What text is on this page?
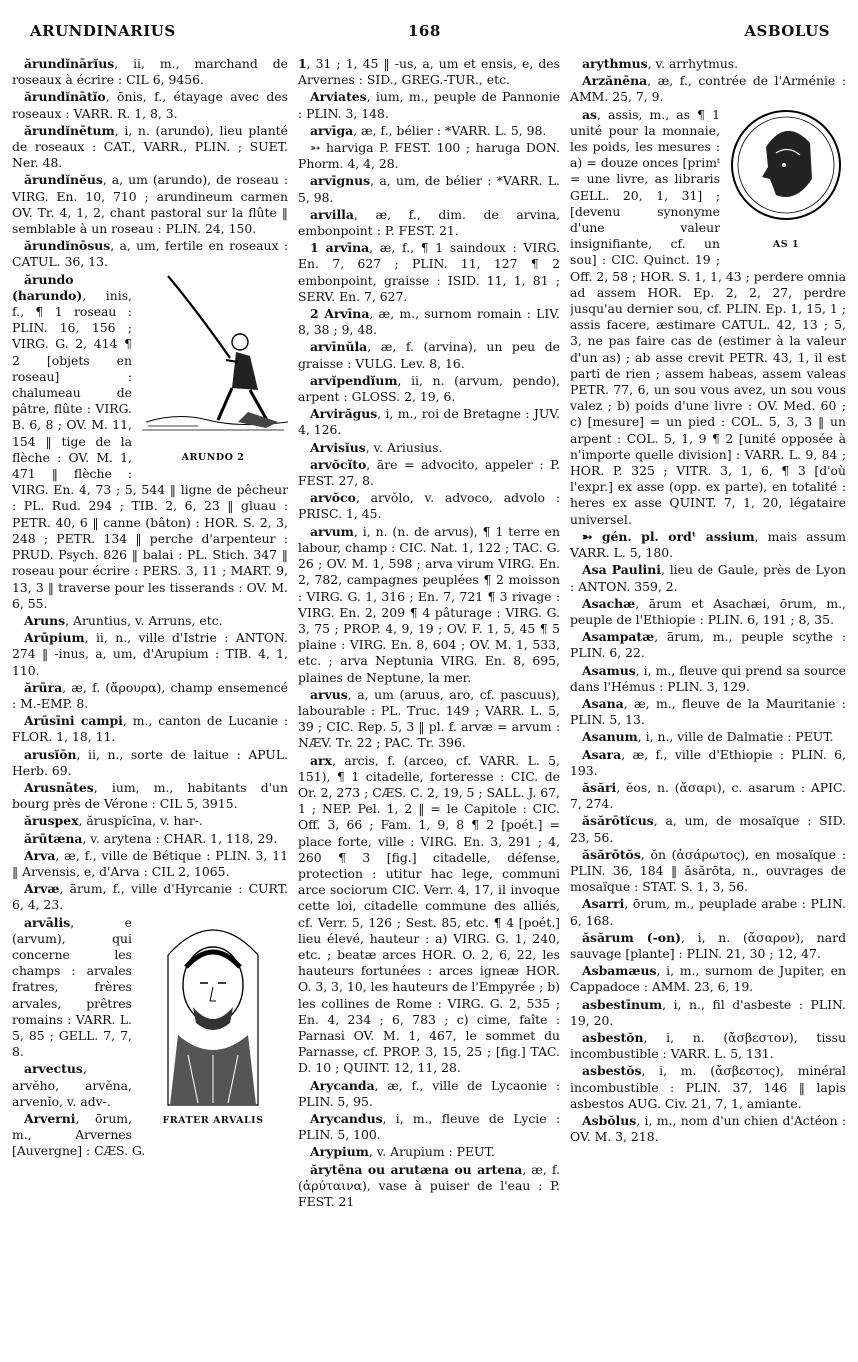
ARUNDINARIUS	168	ASBOLUS

ărundĭnārĭus, ii, m., marchand de roseaux à écrire : CIL 6, 9456.

ărundĭnātĭo, ōnis, f., étayage avec des roseaux : VARR. R. 1, 8, 3.

ărundĭnētum, i, n. (arundo), lieu planté de roseaux : CAT., VARR., PLIN. ; SUET. Ner. 48.

ărundĭnĕus, a, um (arundo), de roseau : VIRG. En. 10, 710 ; arundineum carmen OV. Tr. 4, 1, 2, chant pastoral sur la flûte ‖ semblable à un roseau : PLIN. 24, 150.

ărundĭnōsus, a, um, fertile en roseaux : CATUL. 36, 13.

ARUNDO 2

ărundo (harundo), inis, f., ¶ 1 roseau : PLIN. 16, 156 ; VIRG. G. 2, 414 ¶ 2 [objets en roseau] : chalumeau de pâtre, flûte : VIRG. B. 6, 8 ; OV. M. 11, 154 ‖ tige de la flèche : OV. M. 1, 471 ‖ flèche : VIRG. En. 4, 73 ; 5, 544 ‖ ligne de pêcheur : PL. Rud. 294 ; TIB. 2, 6, 23 ‖ gluau : PETR. 40, 6 ‖ canne (bâton) : HOR. S. 2, 3, 248 ; PETR. 134 ‖ perche d'arpenteur : PRUD. Psych. 826 ‖ balai : PL. Stich. 347 ‖ roseau pour écrire : PERS. 3, 11 ; MART. 9, 13, 3 ‖ traverse pour les tisserands : OV. M. 6, 55.

Aruns, Aruntius, v. Arruns, etc.

Arūpium, ii, n., ville d'Istrie : ANTON. 274 ‖ -inus, a, um, d'Arupium : TIB. 4, 1, 110.

ărūra, æ, f. (ἄρουρα), champ ensemencé : M.-EMP. 8.

Arūsīni campi, m., canton de Lucanie : FLOR. 1, 18, 11.

arusĭōn, ii, n., sorte de laitue : APUL. Herb. 69.

Arusnātes, ium, m., habitants d'un bourg près de Vérone : CIL 5, 3915.

ăruspex, ăruspĭcīna, v. har-.

ărūtæna, v. arytena : CHAR. 1, 118, 29.

Arva, æ, f., ville de Bétique : PLIN. 3, 11 ‖ Arvensis, e, d'Arva : CIL 2, 1065.

Arvæ, ārum, f., ville d'Hyrcanie : CURT. 6, 4, 23.

FRATER ARVALIS

arvālis, e (arvum), qui concerne les champs : arvales fratres, frères arvales, prêtres romains : VARR. L. 5, 85 ; GELL. 7, 7, 8.

arvectus, arvĕho, arvĕna, arvenĭo, v. adv-.

Arverni, ōrum, m., Arvernes [Auvergne] : CÆS. G.

1, 31 ; 1, 45 ‖ -us, a, um et ensis, e, des Arvernes : SID., GREG.-TUR., etc.

Arviates, ium, m., peuple de Pannonie : PLIN. 3, 148.

arvīga, æ, f., bélier : *VARR. L. 5, 98.

➳ harviga P. FEST. 100 ; haruga DON. Phorm. 4, 4, 28.

arvīgnus, a, um, de bélier : *VARR. L. 5, 98.

arvilla, æ, f., dim. de arvina, embonpoint : P. FEST. 21.

1 arvīna, æ, f., ¶ 1 saindoux : VIRG. En. 7, 627 ; PLIN. 11, 127 ¶ 2 embonpoint, graisse : ISID. 11, 1, 81 ; SERV. En. 7, 627.

2 Arvīna, æ, m., surnom romain : LIV. 8, 38 ; 9, 48.

arvīnŭla, æ, f. (arvina), un peu de graisse : VULG. Lev. 8, 16.

arvĭpendĭum, ii, n. (arvum, pendo), arpent : GLOSS. 2, 19, 6.

Arvirăgus, i, m., roi de Bretagne : JUV. 4, 126.

Arvisĭus, v. Ariusius.

arvŏcĭto, āre = advocito, appeler : P. FEST. 27, 8.

arvŏco, arvŏlo, v. advoco, advolo : PRISC. 1, 45.

arvum, i, n. (n. de arvus), ¶ 1 terre en labour, champ : CIC. Nat. 1, 122 ; TAC. G. 26 ; OV. M. 1, 598 ; arva virum VIRG. En. 2, 782, campagnes peuplées ¶ 2 moisson : VIRG. G. 1, 316 ; En. 7, 721 ¶ 3 rivage : VIRG. En. 2, 209 ¶ 4 pâturage : VIRG. G. 3, 75 ; PROP. 4, 9, 19 ; OV. F. 1, 5, 45 ¶ 5 plaine : VIRG. En. 8, 604 ; OV. M. 1, 533, etc. ; arva Neptunia VIRG. En. 8, 695, plaines de Neptune, la mer.

arvus, a, um (aruus, aro, cf. pascuus), labourable : PL. Truc. 149 ; VARR. L. 5, 39 ; CIC. Rep. 5, 3 ‖ pl. f. arvæ = arvum : NÆV. Tr. 22 ; PAC. Tr. 396.

arx, arcis, f. (arceo, cf. VARR. L. 5, 151), ¶ 1 citadelle, forteresse : CIC. de Or. 2, 273 ; CÆS. C. 2, 19, 5 ; SALL. J. 67, 1 ; NEP. Pel. 1, 2 ‖ = le Capitole : CIC. Off. 3, 66 ; Fam. 1, 9, 8 ¶ 2 [poét.] = place forte, ville : VIRG. En. 3, 291 ; 4, 260 ¶ 3 [fig.] citadelle, défense, protection : utitur hac lege, communi arce sociorum CIC. Verr. 4, 17, il invoque cette loi, citadelle commune des alliés, cf. Verr. 5, 126 ; Sest. 85, etc. ¶ 4 [poét.] lieu élevé, hauteur : a) VIRG. G. 1, 240, etc. ; beatæ arces HOR. O. 2, 6, 22, les hauteurs fortunées : arces igneæ HOR. O. 3, 3, 10, les hauteurs de l'Empyrée ; b) les collines de Rome : VIRG. G. 2, 535 ; En. 4, 234 ; 6, 783 ; c) cime, faîte : Parnasi OV. M. 1, 467, le sommet du Parnasse, cf. PROP. 3, 15, 25 ; [fig.] TAC. D. 10 ; QUINT. 12, 11, 28.

Arycanda, æ, f., ville de Lycaonie : PLIN. 5, 95.

Arycandus, i, m., fleuve de Lycie : PLIN. 5, 100.

Arypium, v. Arupium : PEUT.

ărytēna ou arutæna ou artena, æ, f. (ἀρύταινα), vase à puiser de l'eau : P. FEST. 21

arythmus, v. arrhytmus.

Arzănēna, æ, f., contrée de l'Arménie : AMM. 25, 7, 9.

AS 1

as, assis, m., as ¶ 1 unité pour la monnaie, les poids, les mesures : a) = douze onces [primᵗ = une livre, as libraris GELL. 20, 1, 31] ; [devenu synonyme d'une valeur insignifiante, cf. un sou] : CIC. Quinct. 19 ; Off. 2, 58 ; HOR. S. 1, 1, 43 ; perdere omnia ad assem HOR. Ep. 2, 2, 27, perdre jusqu'au dernier sou, cf. PLIN. Ep. 1, 15, 1 ; assis facere, æstimare CATUL. 42, 13 ; 5, 3, ne pas faire cas de (estimer à la valeur d'un as) ; ab asse crevit PETR. 43, 1, il est parti de rien ; assem habeas, assem valeas PETR. 77, 6, un sou vous avez, un sou vous valez ; b) poids d'une livre : OV. Med. 60 ; c) [mesure] = un pied : COL. 5, 3, 3 ‖ un arpent : COL. 5, 1, 9 ¶ 2 [unité opposée à n'importe quelle division] : VARR. L. 9, 84 ; HOR. P. 325 ; VITR. 3, 1, 6, ¶ 3 [d'où l'expr.] ex asse (opp. ex parte), en totalité : heres ex asse QUINT. 7, 1, 20, légataire universel.

➳ gén. pl. ordᵗ assium, mais assum VARR. L. 5, 180.

Asa Paulini, lieu de Gaule, près de Lyon : ANTON. 359, 2.

Asachæ, ārum et Asachæi, ōrum, m., peuple de l'Ethiopie : PLIN. 6, 191 ; 8, 35.

Asampatæ, ārum, m., peuple scythe : PLIN. 6, 22.

Asamus, i, m., fleuve qui prend sa source dans l'Hémus : PLIN. 3, 129.

Asana, æ, m., fleuve de la Mauritanie : PLIN. 5, 13.

Asanum, i, n., ville de Dalmatie : PEUT.

Asara, æ, f., ville d'Ethiopie : PLIN. 6, 193.

ăsări, ĕos, n. (ἄσαρι), c. asarum : APIC. 7, 274.

ăsărōtĭcus, a, um, de mosaïque : SID. 23, 56.

ăsărōtŏs, ŏn (ἀσάρωτος), en mosaïque : PLIN. 36, 184 ‖ ăsărōta, n., ouvrages de mosaïque : STAT. S. 1, 3, 56.

Asarri, ōrum, m., peuplade arabe : PLIN. 6, 168.

ăsărum (-on), i, n. (ἄσαρον), nard sauvage [plante] : PLIN. 21, 30 ; 12, 47.

Asbamæus, i, m., surnom de Jupiter, en Cappadoce : AMM. 23, 6, 19.

asbestīnum, i, n., fil d'asbeste : PLIN. 19, 20.

asbestŏn, i, n. (ἄσβεστον), tissu incombustible : VARR. L. 5, 131.

asbestŏs, i, m. (ἄσβεστος), minéral incombustible : PLIN. 37, 146 ‖ lapis asbestos AUG. Civ. 21, 7, 1, amiante.

Asbŏlus, i, m., nom d'un chien d'Actéon : OV. M. 3, 218.
